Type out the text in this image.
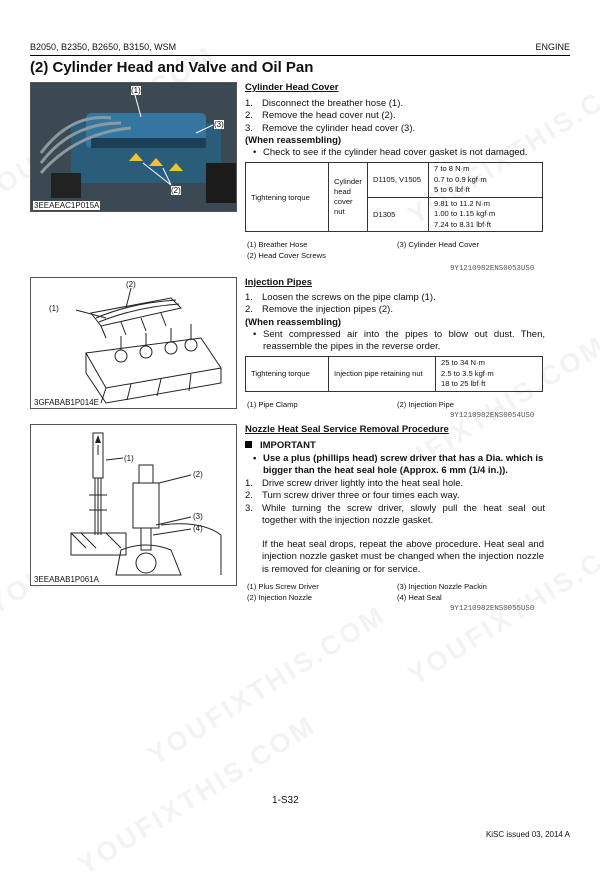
B2050, B2350, B2650, B3150, WSM	ENGINE
(2) Cylinder Head and Valve and Oil Pan
(1)
(3)
(2)
3EEAEAC1P015A
Cylinder Head Cover
1. Disconnect the breather hose (1).
2. Remove the head cover nut (2).
3. Remove the cylinder head cover (3).
(When reassembling)
• Check to see if the cylinder head cover gasket is not damaged.
Tightening torque	Cylinder head cover nut	D1105, V1505	7 to 8 N·m
0.7 to 0.9 kgf·m
5 to 6 lbf·ft

		D1305	9.81 to 11.2 N·m
1.00 to 1.15 kgf·m
7.24 to 8.31 lbf·ft
(1) Breather Hose
(2) Head Cover Screws
(3) Cylinder Head Cover
9Y1210982ENS0053US0
(2)
(1)
3GFABAB1P014E
Injection Pipes
1. Loosen the screws on the pipe clamp (1).
2. Remove the injection pipes (2).
(When reassembling)
• Sent compressed air into the pipes to blow out dust. Then, reassemble the pipes in the reverse order.
Tightening torque	Injection pipe retaining nut	
25 to 34 N·m
2.5 to 3.5 kgf·m
18 to 25 lbf·ft
(1) Pipe Clamp	(2) Injection Pipe
9Y1210982ENS0054US0
(1)
(2)
(3)
(4)
3EEABAB1P061A
Nozzle Heat Seal Service Removal Procedure
IMPORTANT
• Use a plus (phillips head) screw driver that has a Dia. which is bigger than the heat seal hole (Approx. 6 mm (1/4 in.)).
1. Drive screw driver lightly into the heat seal hole.
2. Turn screw driver three or four times each way.
3. While turning the screw driver, slowly pull the heat seal out together with the injection nozzle gasket.
If the heat seal drops, repeat the above procedure. Heat seal and injection nozzle gasket must be changed when the injection nozzle is removed for cleaning or for service.
(1) Plus Screw Driver
(2) Injection Nozzle
(3) Injection Nozzle Packin
(4) Heat Seal
9Y1210982ENS0055US0
1-S32
KiSC issued 03, 2014 A
